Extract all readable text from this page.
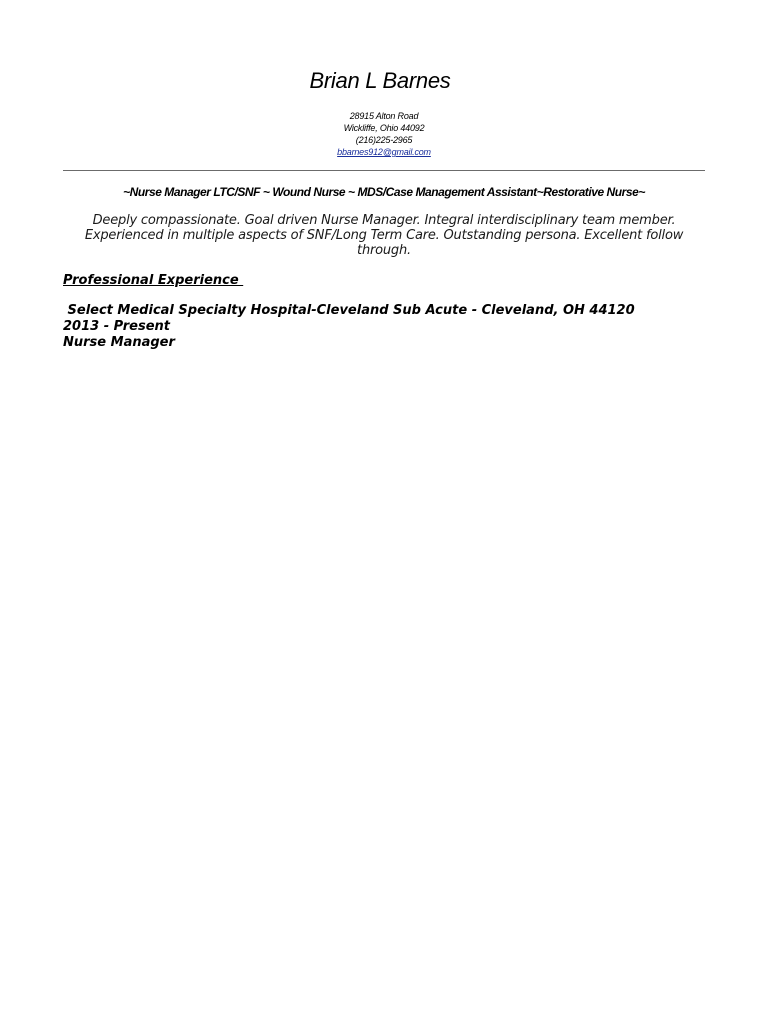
Brian L Barnes
28915 Alton Road
Wickliffe, Ohio 44092
(216)225-2965
bbarnes912@gmail.com
~Nurse Manager LTC/SNF ~ Wound Nurse ~ MDS/Case Management Assistant~Restorative Nurse~
Deeply compassionate. Goal driven Nurse Manager. Integral interdisciplinary team member. Experienced in multiple aspects of SNF/Long Term Care. Outstanding persona. Excellent follow through.
Professional Experience
Select Medical Specialty Hospital-Cleveland Sub Acute - Cleveland, OH 44120
2013 - Present
Nurse Manager
